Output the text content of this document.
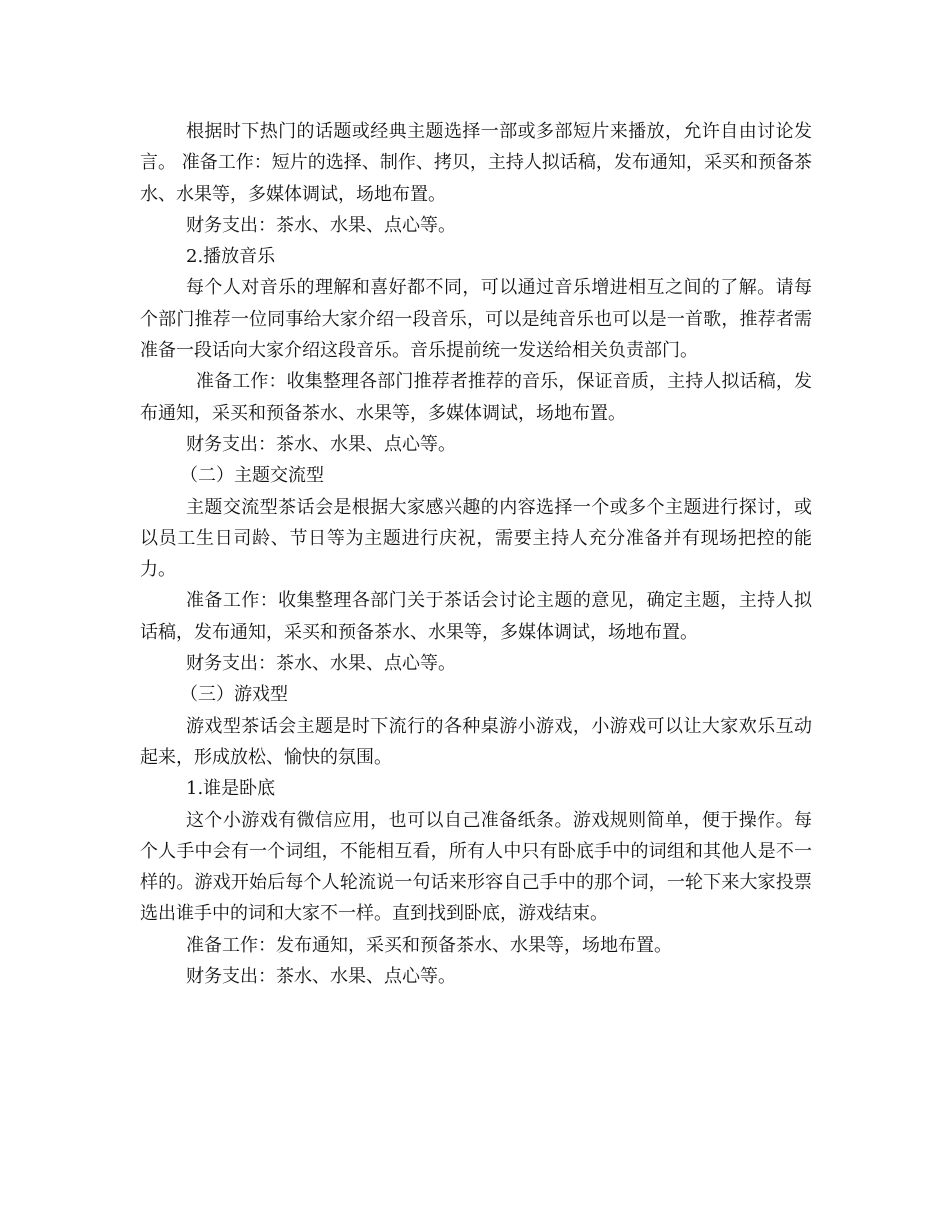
根据时下热门的话题或经典主题选择一部或多部短片来播放，允许自由讨论发言。 准备工作：短片的选择、制作、拷贝，主持人拟话稿，发布通知，采买和预备茶水、水果等，多媒体调试，场地布置。

财务支出：茶水、水果、点心等。

2.播放音乐

每个人对音乐的理解和喜好都不同，可以通过音乐增进相互之间的了解。请每个部门推荐一位同事给大家介绍一段音乐，可以是纯音乐也可以是一首歌，推荐者需准备一段话向大家介绍这段音乐。音乐提前统一发送给相关负责部门。

准备工作：收集整理各部门推荐者推荐的音乐，保证音质，主持人拟话稿，发布通知，采买和预备茶水、水果等，多媒体调试，场地布置。

财务支出：茶水、水果、点心等。

（二）主题交流型

主题交流型茶话会是根据大家感兴趣的内容选择一个或多个主题进行探讨，或以员工生日司龄、节日等为主题进行庆祝，需要主持人充分准备并有现场把控的能力。

准备工作：收集整理各部门关于茶话会讨论主题的意见，确定主题，主持人拟话稿，发布通知，采买和预备茶水、水果等，多媒体调试，场地布置。

财务支出：茶水、水果、点心等。

（三）游戏型

游戏型茶话会主题是时下流行的各种桌游小游戏，小游戏可以让大家欢乐互动起来，形成放松、愉快的氛围。

1.谁是卧底

这个小游戏有微信应用，也可以自己准备纸条。游戏规则简单，便于操作。每个人手中会有一个词组，不能相互看，所有人中只有卧底手中的词组和其他人是不一样的。游戏开始后每个人轮流说一句话来形容自己手中的那个词，一轮下来大家投票选出谁手中的词和大家不一样。直到找到卧底，游戏结束。

准备工作：发布通知，采买和预备茶水、水果等，场地布置。

财务支出：茶水、水果、点心等。
